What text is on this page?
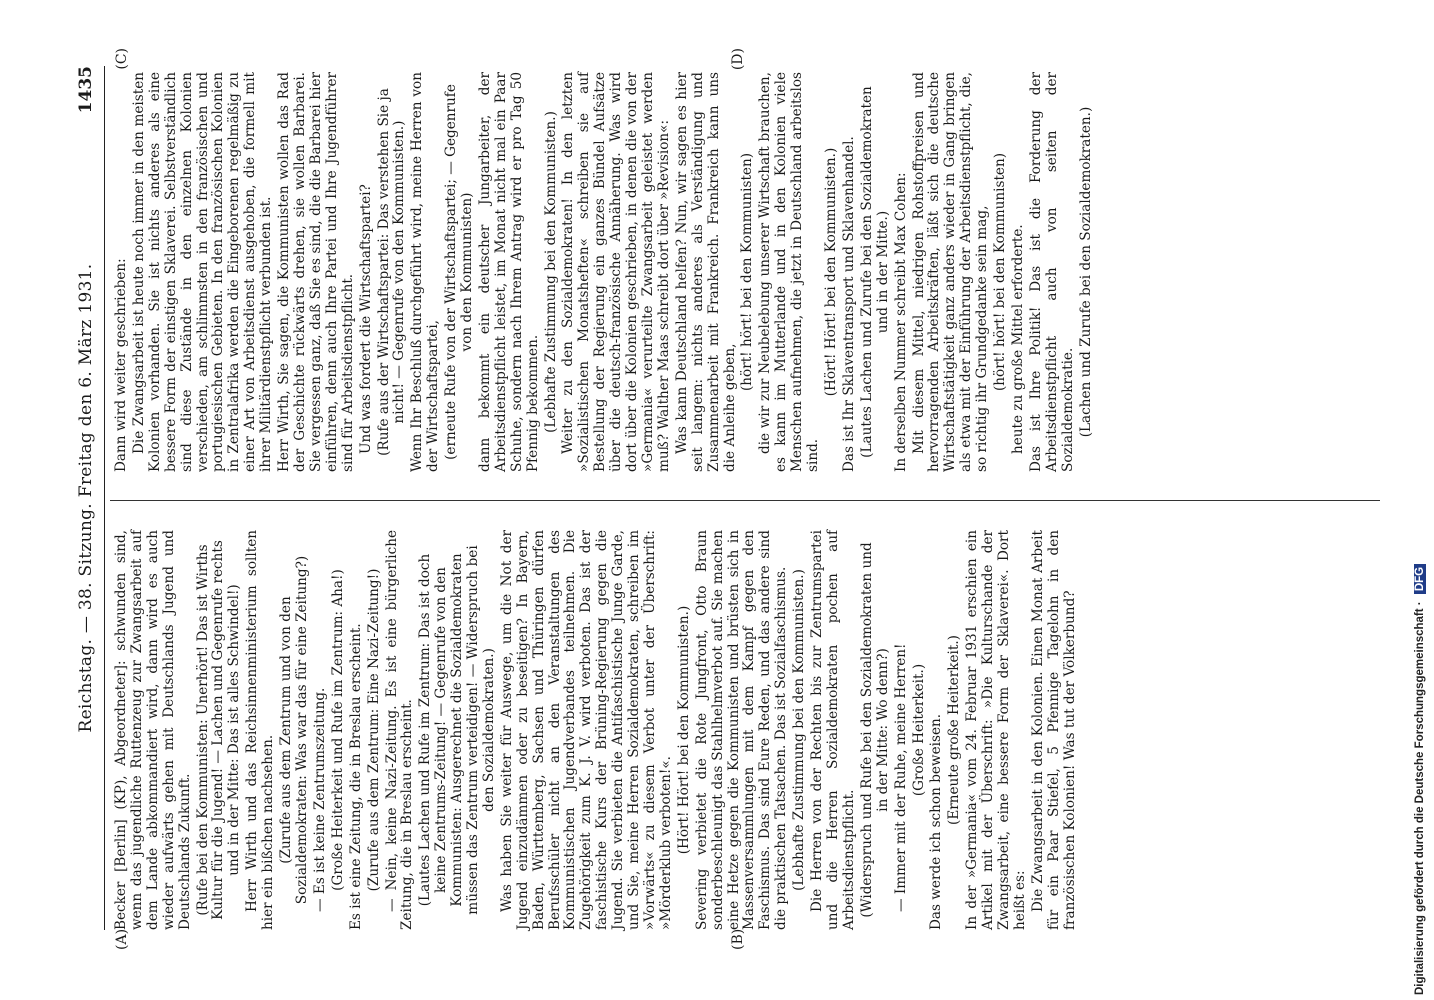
Reichstag. — 38. Sitzung. Freitag den 6. März 1931.
1435
(A)	(B)
(C)	(D)

Becker [Berlin] (KP), Abgeordneter]: schwunden sind, wenn das jugendliche Ruttenzeug zur Zwangsarbeit auf dem Lande abkommandiert wird, dann wird es auch wieder aufwärts gehen mit Deutschlands Jugend und Deutschlands Zukunft. (Rufe bei den Kommunisten: Unerhört! Das ist Wirths Kultur für die Jugend! — Lachen und Gegenrufe rechts und in der Mitte: Das ist alles Schwindel!) Herr Wirth und das Reichsinnenministerium sollten hier ein bißchen nachsehen. (Zurufe aus dem Zentrum und von den Sozialdemokraten: Was war das für eine Zeitung?) — Es ist keine Zentrumszeitung. (Große Heiterkeit und Rufe im Zentrum: Aha!) Es ist eine Zeitung, die in Breslau erscheint. (Zurufe aus dem Zentrum: Eine Nazi-Zeitung!) — Nein, keine Nazi-Zeitung. Es ist eine bürgerliche Zeitung, die in Breslau erscheint. (Lautes Lachen und Rufe im Zentrum: Das ist doch keine Zentrums-Zeitung! — Gegenrufe von den Kommunisten: Ausgerechnet die Sozialdemokraten müssen das Zentrum verteidigen! — Widerspruch bei den Sozialdemokraten.) Was haben Sie weiter für Auswege, um die Not der Jugend einzudämmen oder zu beseitigen? In Bayern, Baden, Württemberg, Sachsen und Thüringen dürfen Berufsschüler nicht an den Veranstaltungen des Kommunistischen Jugendverbandes teilnehmen. Die Zugehörigkeit zum K. J. V. wird verboten. Das ist der faschistische Kurs der Brüning-Regierung gegen die Jugend. Sie verbieten die Antifaschistische Junge Garde, und Sie, meine Herren Sozialdemokraten, schreiben im »Vorwärts« zu diesem Verbot unter der Überschrift: »Mörderklub verboten!«. (Hört! Hört! bei den Kommunisten.) Severing verbietet die Rote Jungfront, Otto Braun sonderbeschleunigt das Stahlhelmverbot auf. Sie machen eine Hetze gegen die Kommunisten und brüsten sich in Massenversammlungen mit dem Kampf gegen den Faschismus. Das sind Eure Reden, und das andere sind die praktischen Tatsachen. Das ist Sozialfaschismus. (Lebhafte Zustimmung bei den Kommunisten.) Die Herren von der Rechten bis zur Zentrumspartei und die Herren Sozialdemokraten pochen auf Arbeitsdienstpflicht. (Widerspruch und Rufe bei den Sozialdemokraten und in der Mitte: Wo denn?) — Immer mit der Ruhe, meine Herren! (Große Heiterkeit.) Das werde ich schon beweisen. (Erneute große Heiterkeit.) In der »Germania« vom 24. Februar 1931 erschien ein Artikel mit der Überschrift: »Die Kulturschande der Zwangsarbeit, eine bessere Form der Sklaverei«. Dort heißt es: Die Zwangsarbeit in den Kolonien. Einen Monat Arbeit für ein Paar Stiefel, 5 Pfennige Tagelohn in den französischen Kolonien! Was tut der Völkerbund?

Dann wird weiter geschrieben: Die Zwangsarbeit ist heute noch immer in den meisten Kolonien vorhanden. Sie ist nichts anderes als eine bessere Form der einstigen Sklaverei. Selbstverständlich sind diese Zustände in den einzelnen Kolonien verschieden, am schlimmsten in den französischen und portugiesischen Gebieten. In den französischen Kolonien in Zentralafrika werden die Eingeborenen regelmäßig zu einer Art von Arbeitsdienst ausgehoben, die formell mit ihrer Militärdienstpflicht verbunden ist. Herr Wirth, Sie sagen, die Kommunisten wollen das Rad der Geschichte rückwärts drehen, sie wollen Barbarei. Sie vergessen ganz, daß Sie es sind, die die Barbarei hier einführen, denn auch Ihre Partei und Ihre Jugendführer sind für Arbeitsdienstpflicht. Und was fordert die Wirtschaftspartei? (Rufe aus der Wirtschaftspartei: Das verstehen Sie ja nicht! — Gegenrufe von den Kommunisten.) Wenn Ihr Beschluß durchgeführt wird, meine Herren von der Wirtschaftspartei, (erneute Rufe von der Wirtschaftspartei; — Gegenrufe von den Kommunisten) dann bekommt ein deutscher Jungarbeiter, der Arbeitsdienstpflicht leistet, im Monat nicht mal ein Paar Schuhe, sondern nach Ihrem Antrag wird er pro Tag 50 Pfennig bekommen. (Lebhafte Zustimmung bei den Kommunisten.) Weiter zu den Sozialdemokraten! In den letzten »Sozialistischen Monatsheften« schreiben sie auf Bestellung der Regierung ein ganzes Bündel Aufsätze über die deutsch-französische Annäherung. Was wird dort über die Kolonien geschrieben, in denen die von der »Germania« verurteilte Zwangsarbeit geleistet werden muß? Walther Maas schreibt dort über »Revision«: Was kann Deutschland helfen? Nun, wir sagen es hier seit langem: nichts anderes als Verständigung und Zusammenarbeit mit Frankreich. Frankreich kann uns die Anleihe geben,

(hört! hört! bei den Kommunisten) die wir zur Neubelebung unserer Wirtschaft brauchen, es kann im Mutterlande und in den Kolonien viele Menschen aufnehmen, die jetzt in Deutschland arbeitslos sind.

(Hört! Hört! bei den Kommunisten.) Das ist Ihr Sklaventransport und Sklavenhandel. (Lautes Lachen und Zurufe bei den Sozialdemokraten und in der Mitte.) In derselben Nummer schreibt Max Cohen: Mit diesem Mittel, niedrigen Rohstoffpreisen und hervorragenden Arbeitskräften, läßt sich die deutsche Wirtschaftstätigkeit ganz anders wieder in Gang bringen als etwa mit der Einführung der Arbeitsdienstpflicht, die, so richtig ihr Grundgedanke sein mag, (hört! hört! bei den Kommunisten) heute zu große Mittel erforderte. Das ist Ihre Politik! Das ist die Forderung der Arbeitsdienstpflicht auch von seiten der Sozialdemokratie. (Lachen und Zurufe bei den Sozialdemokraten.)

Digitalisierung gefördert durch die Deutsche Forschungsgemeinschaft · DFG
